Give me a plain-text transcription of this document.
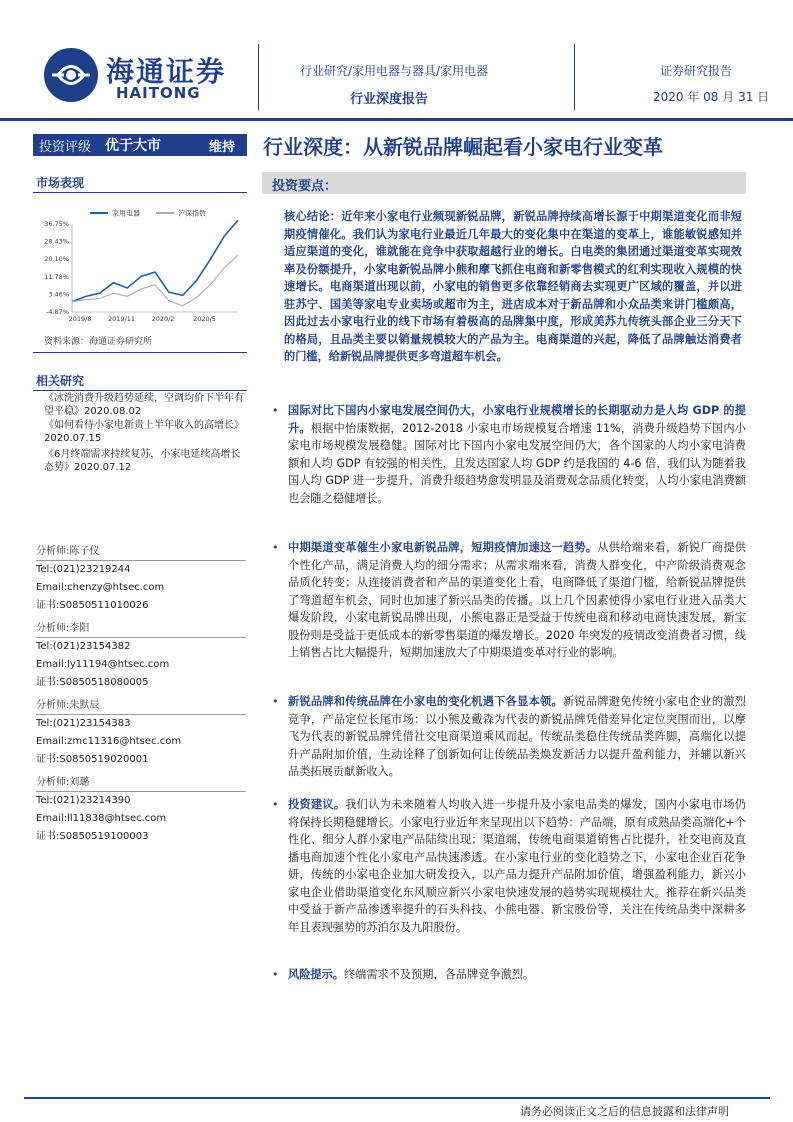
海通证券
HAITONG
行业研究/家用电器与器具/家用电器
行业深度报告
证券研究报告
2020 年 08 月 31 日
投资评级 优于大市	维持 行业深度：从新锐品牌崛起看小家电行业变革
市场表现
36.75%
28.43%
20.10%
11.78%
3.46%
-4.87%
2019/8	2019/11	2020/2	2020/5
家用电器	沪深指数
资料来源：海通证券研究所
相关研究
《冰洗消费升级趋势延续，空调均价下半年有望平稳》2020.08.02
《如何看待小家电新贵上半年收入的高增长》2020.07.15
《6月终端需求持续复苏，小家电延续高增长态势》2020.07.12
分析师:陈子仪
Tel:(021)23219244
Email:chenzy@htsec.com
证书:S0850511010026
分析师:李阳
Tel:(021)23154382
Email:ly11194@htsec.com
证书:S0850518080005
分析师:朱默辰
Tel:(021)23154383
Email:zmc11316@htsec.com
证书:S0850519020001
分析师:刘璐
Tel:(021)23214390
Email:ll11838@htsec.com
证书:S0850519100003
投资要点：
核心结论：近年来小家电行业频现新锐品牌，新锐品牌持续高增长源于中期渠道变化而非短期疫情催化。我们认为家电行业最近几年最大的变化集中在渠道的变革上，谁能敏锐感知并适应渠道的变化，谁就能在竞争中获取超越行业的增长。白电类的集团通过渠道变革实现效率及份额提升，小家电新锐品牌小熊和摩飞抓住电商和新零售模式的红利实现收入规模的快速增长。电商渠道出现以前，小家电的销售更多依靠经销商去实现更广区域的覆盖，并以进驻苏宁、国美等家电专业卖场或超市为主，进店成本对于新品牌和小众品类来讲门槛颇高，因此过去小家电行业的线下市场有着极高的品牌集中度，形成美苏九传统头部企业三分天下的格局，且品类主要以销量规模较大的产品为主。电商渠道的兴起，降低了品牌触达消费者的门槛，给新锐品牌提供更多弯道超车机会。
• 国际对比下国内小家电发展空间仍大，小家电行业规模增长的长期驱动力是人均 GDP 的提升。根据中怡康数据，2012-2018 小家电市场规模复合增速 11%，消费升级趋势下国内小家电市场规模发展稳健。国际对比下国内小家电发展空间仍大，各个国家的人均小家电消费额和人均 GDP 有较强的相关性，且发达国家人均 GDP 约是我国的 4-6 倍，我们认为随着我国人均 GDP 进一步提升，消费升级趋势愈发明显及消费观念品质化转变，人均小家电消费额也会随之稳健增长。
• 中期渠道变革催生小家电新锐品牌，短期疫情加速这一趋势。从供给端来看，新锐厂商提供个性化产品，满足消费人均的细分需求；从需求端来看，消费人群变化，中产阶级消费观念品质化转变；从连接消费者和产品的渠道变化上看，电商降低了渠道门槛，给新锐品牌提供了弯道超车机会，同时也加速了新兴品类的传播。以上几个因素使得小家电行业进入品类大爆发阶段，小家电新锐品牌出现，小熊电器正是受益于传统电商和移动电商快速发展，新宝股份则是受益于更低成本的新零售渠道的爆发增长。2020 年突发的疫情改变消费者习惯，线上销售占比大幅提升，短期加速放大了中期渠道变革对行业的影响。
• 新锐品牌和传统品牌在小家电的变化机遇下各显本领。新锐品牌避免传统小家电企业的激烈竞争，产品定位长尾市场：以小熊及戴森为代表的新锐品牌凭借差异化定位突围而出，以摩飞为代表的新锐品牌凭借社交电商渠道乘风而起。传统品类稳住传统品类阵脚，高端化以提升产品附加价值，生动诠释了创新如何让传统品类焕发新活力以提升盈利能力，并辅以新兴品类拓展贡献新收入。
• 投资建议。我们认为未来随着人均收入进一步提升及小家电品类的爆发，国内小家电市场仍将保持长期稳健增长。小家电行业近年来呈现出以下趋势：产品端，原有成熟品类高端化+个性化、细分人群小家电产品陆续出现；渠道端，传统电商渠道销售占比提升，社交电商及直播电商加速个性化小家电产品快速渗透。在小家电行业的变化趋势之下，小家电企业百花争妍，传统的小家电企业加大研发投入，以产品力提升产品附加价值，增强盈利能力，新兴小家电企业借助渠道变化东风顺应新兴小家电快速发展的趋势实现规模壮大。推荐在新兴品类中受益于新产品渗透率提升的石头科技、小熊电器、新宝股份等，关注在传统品类中深耕多年且表现强势的苏泊尔及九阳股份。
• 风险提示。终端需求不及预期，各品牌竞争激烈。
请务必阅读正文之后的信息披露和法律声明
